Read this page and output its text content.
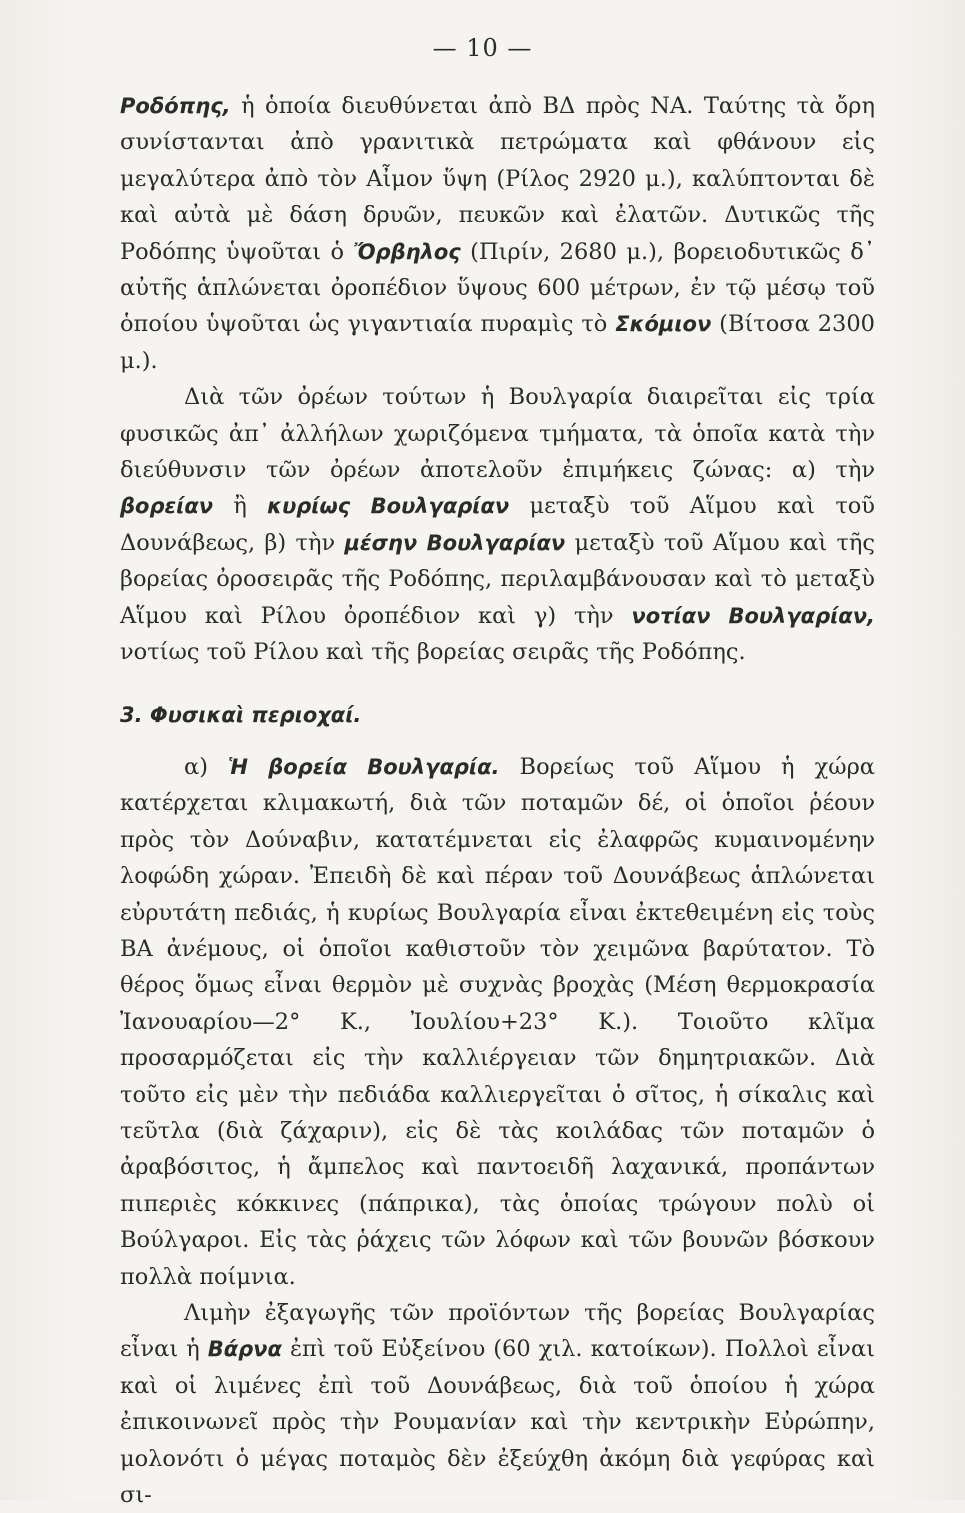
— 10 —

Ροδόπης, ἡ ὁποία διευθύνεται ἀπὸ ΒΔ πρὸς ΝΑ. Ταύτης τὰ ὄρη συνίστανται ἀπὸ γρανιτικὰ πετρώματα καὶ φθάνουν εἰς μεγαλύτερα ἀπὸ τὸν Αἶμον ὕψη (Ρίλος 2920 μ.), καλύπτονται δὲ καὶ αὐτὰ μὲ δάση δρυῶν, πευκῶν καὶ ἐλατῶν. Δυτικῶς τῆς Ροδόπης ὑψοῦται ὁ Ὄρβηλος (Πιρίν, 2680 μ.), βορειοδυτικῶς δ᾽ αὐτῆς ἁπλώνεται ὀροπέδιον ὕψους 600 μέτρων, ἐν τῷ μέσῳ τοῦ ὁποίου ὑψοῦται ὡς γιγαντιαία πυραμὶς τὸ Σκόμιον (Βίτοσα 2300 μ.).

Διὰ τῶν ὀρέων τούτων ἡ Βουλγαρία διαιρεῖται εἰς τρία φυσικῶς ἀπ᾽ ἀλλήλων χωριζόμενα τμήματα, τὰ ὁποῖα κατὰ τὴν διεύθυνσιν τῶν ὀρέων ἀποτελοῦν ἐπιμήκεις ζώνας: α) τὴν βορείαν ἢ κυρίως Βουλγαρίαν μεταξὺ τοῦ Αἵμου καὶ τοῦ Δουνάβεως, β) τὴν μέσην Βουλγαρίαν μεταξὺ τοῦ Αἵμου καὶ τῆς βορείας ὀροσειρᾶς τῆς Ροδόπης, περιλαμβάνουσαν καὶ τὸ μεταξὺ Αἵμου καὶ Ρίλου ὀροπέδιον καὶ γ) τὴν νοτίαν Βουλγαρίαν, νοτίως τοῦ Ρίλου καὶ τῆς βορείας σειρᾶς τῆς Ροδόπης.

3. Φυσικαὶ περιοχαί.

α) Ἡ βορεία Βουλγαρία. Βορείως τοῦ Αἵμου ἡ χώρα κατέρχεται κλιμακωτή, διὰ τῶν ποταμῶν δέ, οἱ ὁποῖοι ῥέουν πρὸς τὸν Δούναβιν, κατατέμνεται εἰς ἐλαφρῶς κυμαινομένην λοφώδη χώραν. Ἐπειδὴ δὲ καὶ πέραν τοῦ Δουνάβεως ἁπλώνεται εὐρυτάτη πεδιάς, ἡ κυρίως Βουλγαρία εἶναι ἐκτεθειμένη εἰς τοὺς ΒΑ ἀνέμους, οἱ ὁποῖοι καθιστοῦν τὸν χειμῶνα βαρύτατον. Τὸ θέρος ὅμως εἶναι θερμὸν μὲ συχνὰς βροχὰς (Μέση θερμοκρασία Ἰανουαρίου—2° Κ., Ἰουλίου+23° Κ.). Τοιοῦτο κλῖμα προσαρμόζεται εἰς τὴν καλλιέργειαν τῶν δημητριακῶν. Διὰ τοῦτο εἰς μὲν τὴν πεδιάδα καλλιεργεῖται ὁ σῖτος, ἡ σίκαλις καὶ τεῦτλα (διὰ ζάχαριν), εἰς δὲ τὰς κοιλάδας τῶν ποταμῶν ὁ ἀραβόσιτος, ἡ ἄμπελος καὶ παντοειδῆ λαχανικά, προπάντων πιπεριὲς κόκκινες (πάπρικα), τὰς ὁποίας τρώγουν πολὺ οἱ Βούλγαροι. Εἰς τὰς ῥάχεις τῶν λόφων καὶ τῶν βουνῶν βόσκουν πολλὰ ποίμνια.

Λιμὴν ἐξαγωγῆς τῶν προϊόντων τῆς βορείας Βουλγαρίας εἶναι ἡ Βάρνα ἐπὶ τοῦ Εὐξείνου (60 χιλ. κατοίκων). Πολλοὶ εἶναι καὶ οἱ λιμένες ἐπὶ τοῦ Δουνάβεως, διὰ τοῦ ὁποίου ἡ χώρα ἐπικοινωνεῖ πρὸς τὴν Ρουμανίαν καὶ τὴν κεντρικὴν Εὐρώπην, μολονότι ὁ μέγας ποταμὸς δὲν ἐξεύχθη ἀκόμη διὰ γεφύρας καὶ σι-
